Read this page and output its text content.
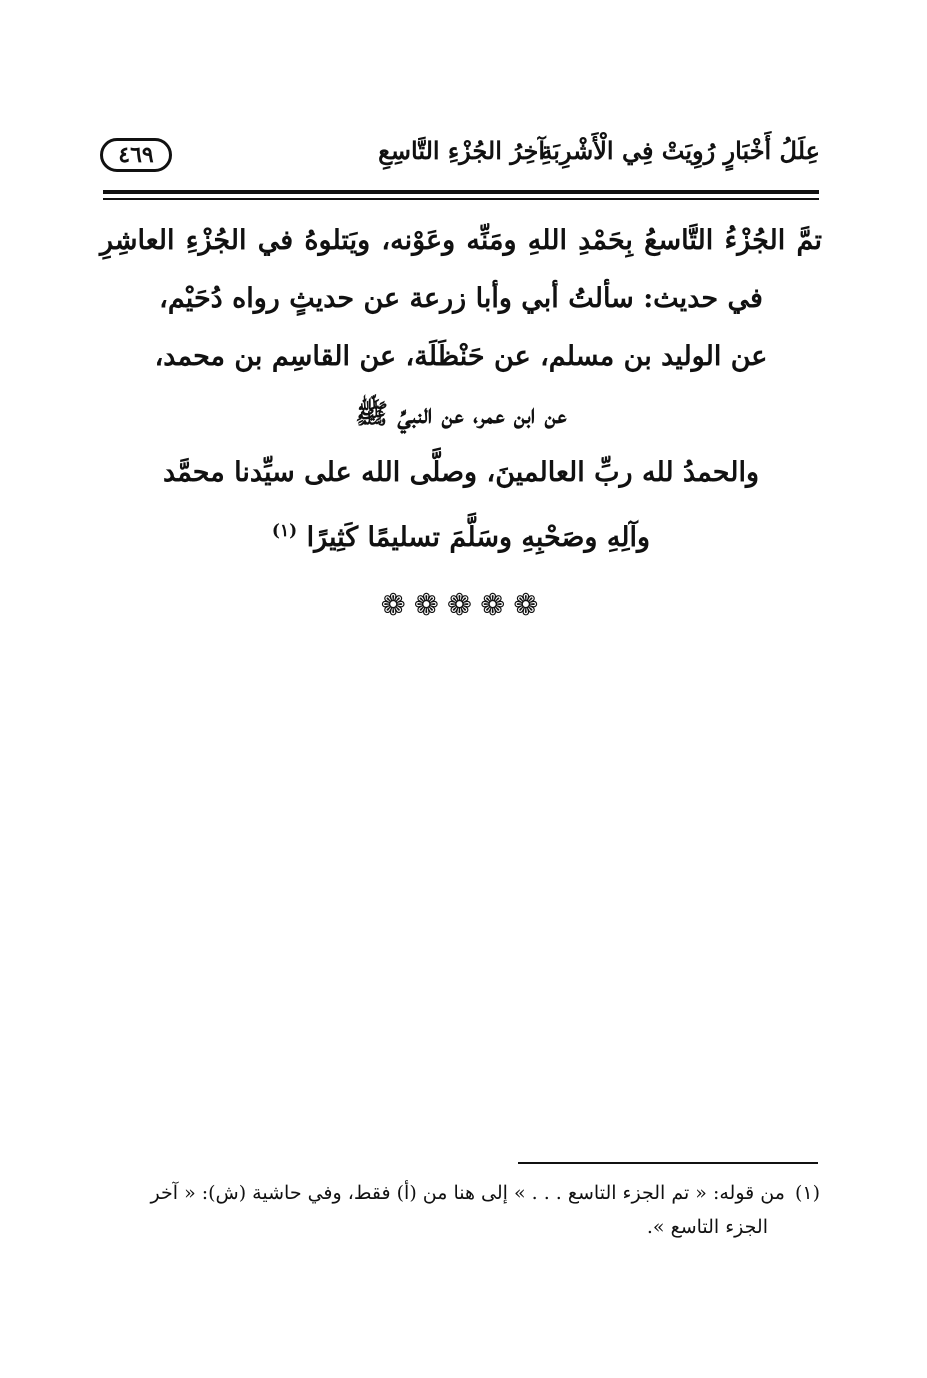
عِلَلُ أَخْبَارٍ رُوِيَتْ فِي الْأَشْرِبَةِ
آخِرُ الجُزْءِ التَّاسِعِ
٤٦٩
تمَّ الجُزْءُ التَّاسعُ بِحَمْدِ اللهِ ومَنِّه وعَوْنه، ويَتلوهُ في الجُزْءِ العاشِرِ
في حديث: سألتُ أبي وأبا زرعة عن حديثٍ رواه دُحَيْم،
عن الوليد بن مسلم، عن حَنْظَلَة، عن القاسِم بن محمد،
عن ابن عمر، عن النبيِّ ﷺ
والحمدُ لله ربِّ العالمينَ، وصلَّى الله على سيِّدنا محمَّد
وآلِهِ وصَحْبِهِ وسَلَّمَ تسليمًا كَثِيرًا $^{(١)}$
❁❁❁❁❁
(١)من قوله: « تم الجزء التاسع . . . » إلى هنا من (أ) فقط، وفي حاشية (ش): « آخر
الجزء التاسع ».
